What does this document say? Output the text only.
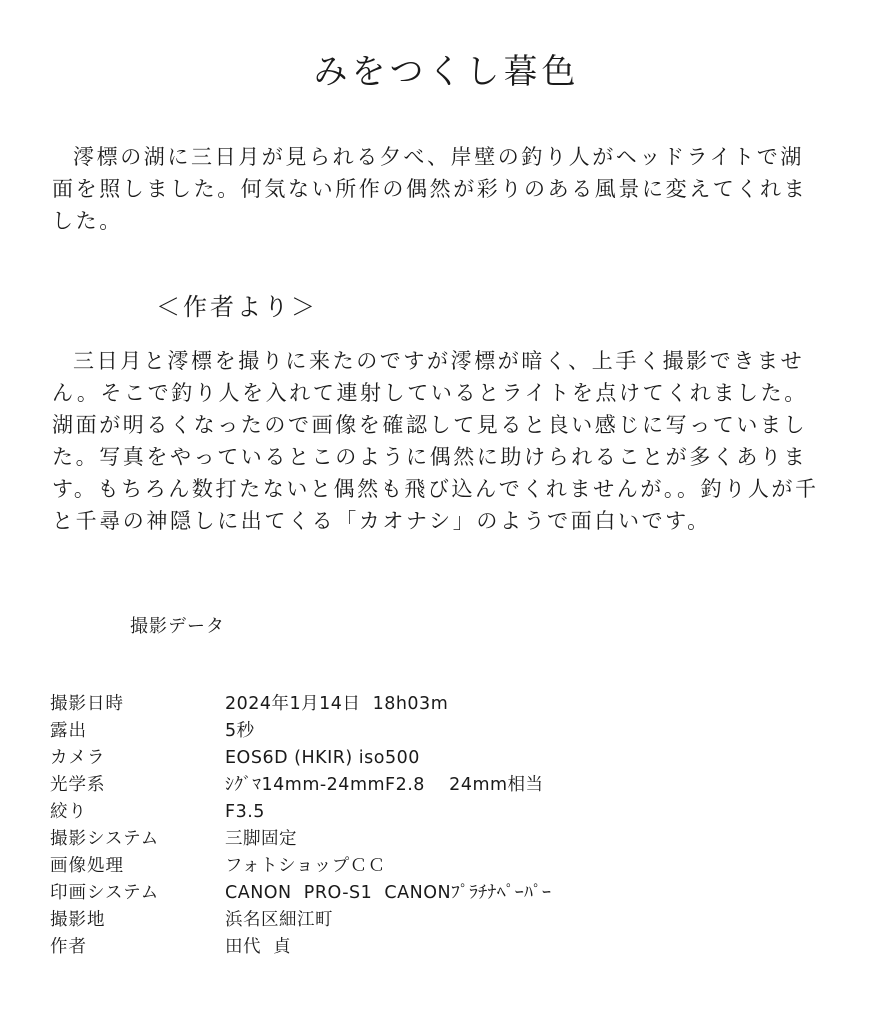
みをつくし暮色

澪標の湖に三日月が見られる夕べ、岸壁の釣り人がヘッドライトで湖面を照しました。何気ない所作の偶然が彩りのある風景に変えてくれました。

＜作者より＞

三日月と澪標を撮りに来たのですが澪標が暗く、上手く撮影できません。そこで釣り人を入れて連射しているとライトを点けてくれました。湖面が明るくなったので画像を確認して見ると良い感じに写っていました。写真をやっているとこのように偶然に助けられることが多くあります。もちろん数打たないと偶然も飛び込んでくれませんが。。釣り人が千と千尋の神隠しに出てくる「カオナシ」のようで面白いです。

撮影データ
撮影日時	2024年1月14日  18h03m
露出	5秒
カメラ	EOS6D (HKIR) iso500
光学系	ｼｸﾞﾏ14mm-24mmF2.8    24mm相当
絞り	F3.5
撮影システム	三脚固定
画像処理	フォトショップＣＣ
印画システム	CANON  PRO-S1  CANONﾌﾟﾗﾁﾅﾍﾟｰﾊﾟｰ
撮影地	浜名区細江町
作者	田代  貞
